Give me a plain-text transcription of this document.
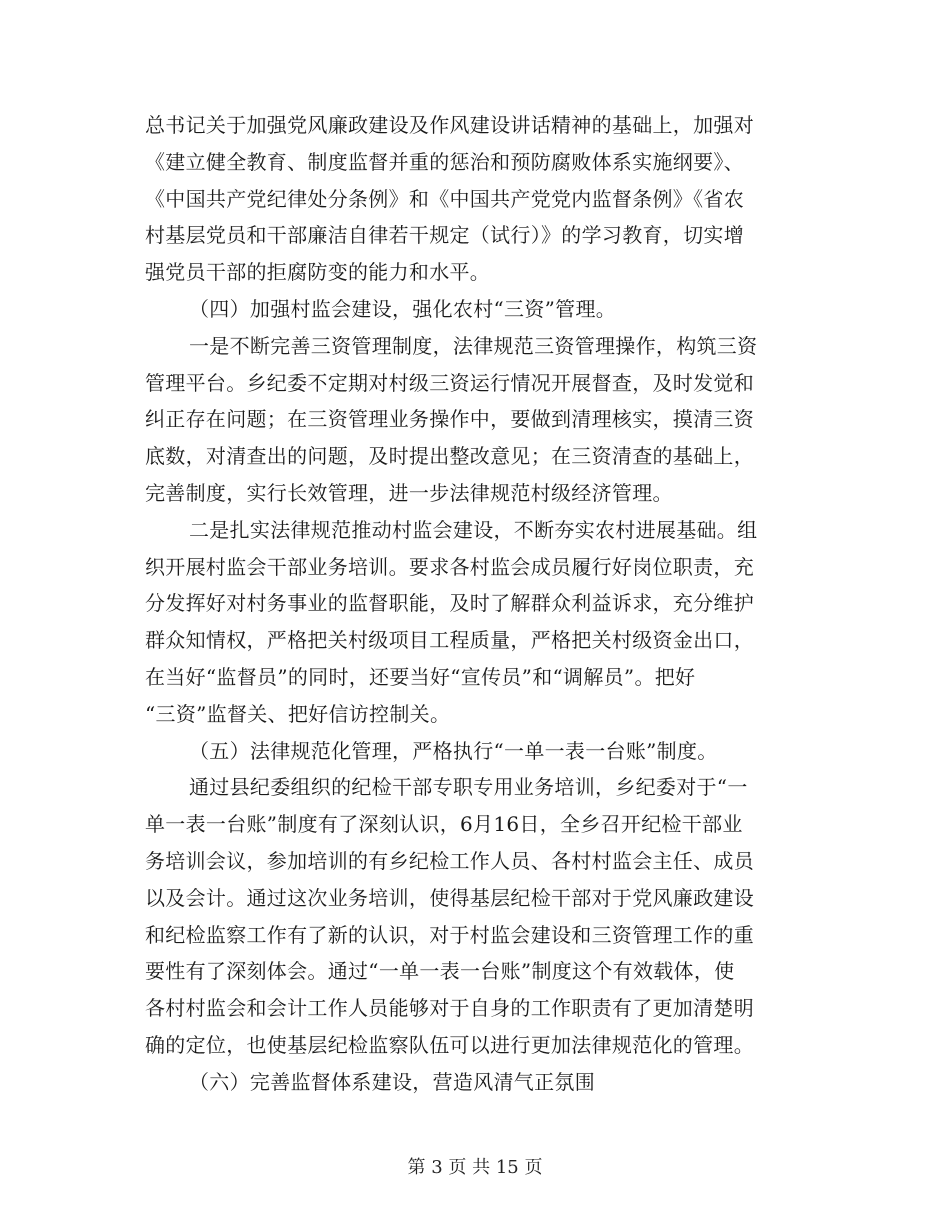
总书记关于加强党风廉政建设及作风建设讲话精神的基础上，加强对
《建立健全教育、制度监督并重的惩治和预防腐败体系实施纲要》、
《中国共产党纪律处分条例》和《中国共产党党内监督条例》《省农
村基层党员和干部廉洁自律若干规定（试行）》的学习教育，切实增
强党员干部的拒腐防变的能力和水平。
（四）加强村监会建设，强化农村“三资”管理。
一是不断完善三资管理制度，法律规范三资管理操作，构筑三资
管理平台。乡纪委不定期对村级三资运行情况开展督查，及时发觉和
纠正存在问题；在三资管理业务操作中，要做到清理核实，摸清三资
底数，对清查出的问题，及时提出整改意见；在三资清查的基础上，
完善制度，实行长效管理，进一步法律规范村级经济管理。
二是扎实法律规范推动村监会建设，不断夯实农村进展基础。组
织开展村监会干部业务培训。要求各村监会成员履行好岗位职责，充
分发挥好对村务事业的监督职能，及时了解群众利益诉求，充分维护
群众知情权，严格把关村级项目工程质量，严格把关村级资金出口，
在当好“监督员”的同时，还要当好“宣传员”和“调解员”。把好
“三资”监督关、把好信访控制关。
（五）法律规范化管理，严格执行“一单一表一台账”制度。
通过县纪委组织的纪检干部专职专用业务培训，乡纪委对于“一
单一表一台账”制度有了深刻认识，6月16日，全乡召开纪检干部业
务培训会议，参加培训的有乡纪检工作人员、各村村监会主任、成员
以及会计。通过这次业务培训，使得基层纪检干部对于党风廉政建设
和纪检监察工作有了新的认识，对于村监会建设和三资管理工作的重
要性有了深刻体会。通过“一单一表一台账”制度这个有效载体，使
各村村监会和会计工作人员能够对于自身的工作职责有了更加清楚明
确的定位，也使基层纪检监察队伍可以进行更加法律规范化的管理。
（六）完善监督体系建设，营造风清气正氛围
第 3 页 共 15 页
